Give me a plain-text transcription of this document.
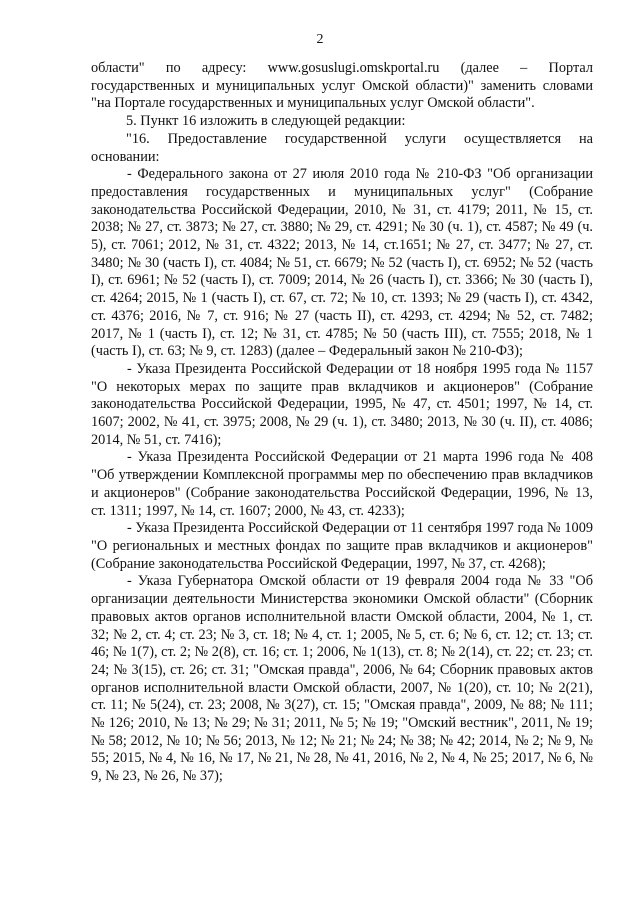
2

области" по адресу: www.gosuslugi.omskportal.ru (далее – Портал государственных и муниципальных услуг Омской области)" заменить словами "на Портале государственных и муниципальных услуг Омской области".

5. Пункт 16 изложить в следующей редакции:

"16. Предоставление государственной услуги осуществляется на основании:

- Федерального закона от 27 июля 2010 года № 210-ФЗ "Об организации предоставления государственных и муниципальных услуг" (Собрание законодательства Российской Федерации, 2010, № 31, ст. 4179; 2011, № 15, ст. 2038; № 27, ст. 3873; № 27, ст. 3880; № 29, ст. 4291; № 30 (ч. 1), ст. 4587; № 49 (ч. 5), ст. 7061; 2012, № 31, ст. 4322; 2013, № 14, ст.1651; № 27, ст. 3477; № 27, ст. 3480; № 30 (часть I), ст. 4084; № 51, ст. 6679; № 52 (часть I), ст. 6952; № 52 (часть I), ст. 6961; № 52 (часть I), ст. 7009; 2014, № 26 (часть I), ст. 3366; № 30 (часть I), ст. 4264; 2015, № 1 (часть I), ст. 67, ст. 72; № 10, ст. 1393; № 29 (часть I), ст. 4342, ст. 4376; 2016, № 7, ст. 916; № 27 (часть II), ст. 4293, ст. 4294; № 52, ст. 7482; 2017, № 1 (часть I), ст. 12; № 31, ст. 4785; № 50 (часть III), ст. 7555; 2018, № 1 (часть I), ст. 63; № 9, ст. 1283) (далее – Федеральный закон № 210-ФЗ);

- Указа Президента Российской Федерации от 18 ноября 1995 года № 1157 "О некоторых мерах по защите прав вкладчиков и акционеров" (Собрание законодательства Российской Федерации, 1995, № 47, ст. 4501; 1997, № 14, ст. 1607; 2002, № 41, ст. 3975; 2008, № 29 (ч. 1), ст. 3480; 2013, № 30 (ч. II), ст. 4086; 2014, № 51, ст. 7416);

- Указа Президента Российской Федерации от 21 марта 1996 года № 408 "Об утверждении Комплексной программы мер по обеспечению прав вкладчиков и акционеров" (Собрание законодательства Российской Федерации, 1996, № 13, ст. 1311; 1997, № 14, ст. 1607; 2000, № 43, ст. 4233);

- Указа Президента Российской Федерации от 11 сентября 1997 года № 1009 "О региональных и местных фондах по защите прав вкладчиков и акционеров" (Собрание законодательства Российской Федерации, 1997, № 37, ст. 4268);

- Указа Губернатора Омской области от 19 февраля 2004 года № 33 "Об организации деятельности Министерства экономики Омской области" (Сборник правовых актов органов исполнительной власти Омской области, 2004, № 1, ст. 32; № 2, ст. 4; ст. 23; № 3, ст. 18; № 4, ст. 1; 2005, № 5, ст. 6; № 6, ст. 12; ст. 13; ст. 46; № 1(7), ст. 2; № 2(8), ст. 16; ст. 1; 2006, № 1(13), ст. 8; № 2(14), ст. 22; ст. 23; ст. 24; № 3(15), ст. 26; ст. 31; "Омская правда", 2006, № 64; Сборник правовых актов органов исполнительной власти Омской области, 2007, № 1(20), ст. 10; № 2(21), ст. 11; № 5(24), ст. 23; 2008, № 3(27), ст. 15; "Омская правда", 2009, № 88; № 111; № 126; 2010, № 13; № 29; № 31; 2011, № 5; № 19; "Омский вестник", 2011, № 19; № 58; 2012, № 10; № 56; 2013, № 12; № 21; № 24; № 38; № 42; 2014, № 2; № 9, № 55; 2015, № 4, № 16, № 17, № 21, № 28, № 41, 2016, № 2, № 4, № 25; 2017, № 6, № 9, № 23, № 26, № 37);
